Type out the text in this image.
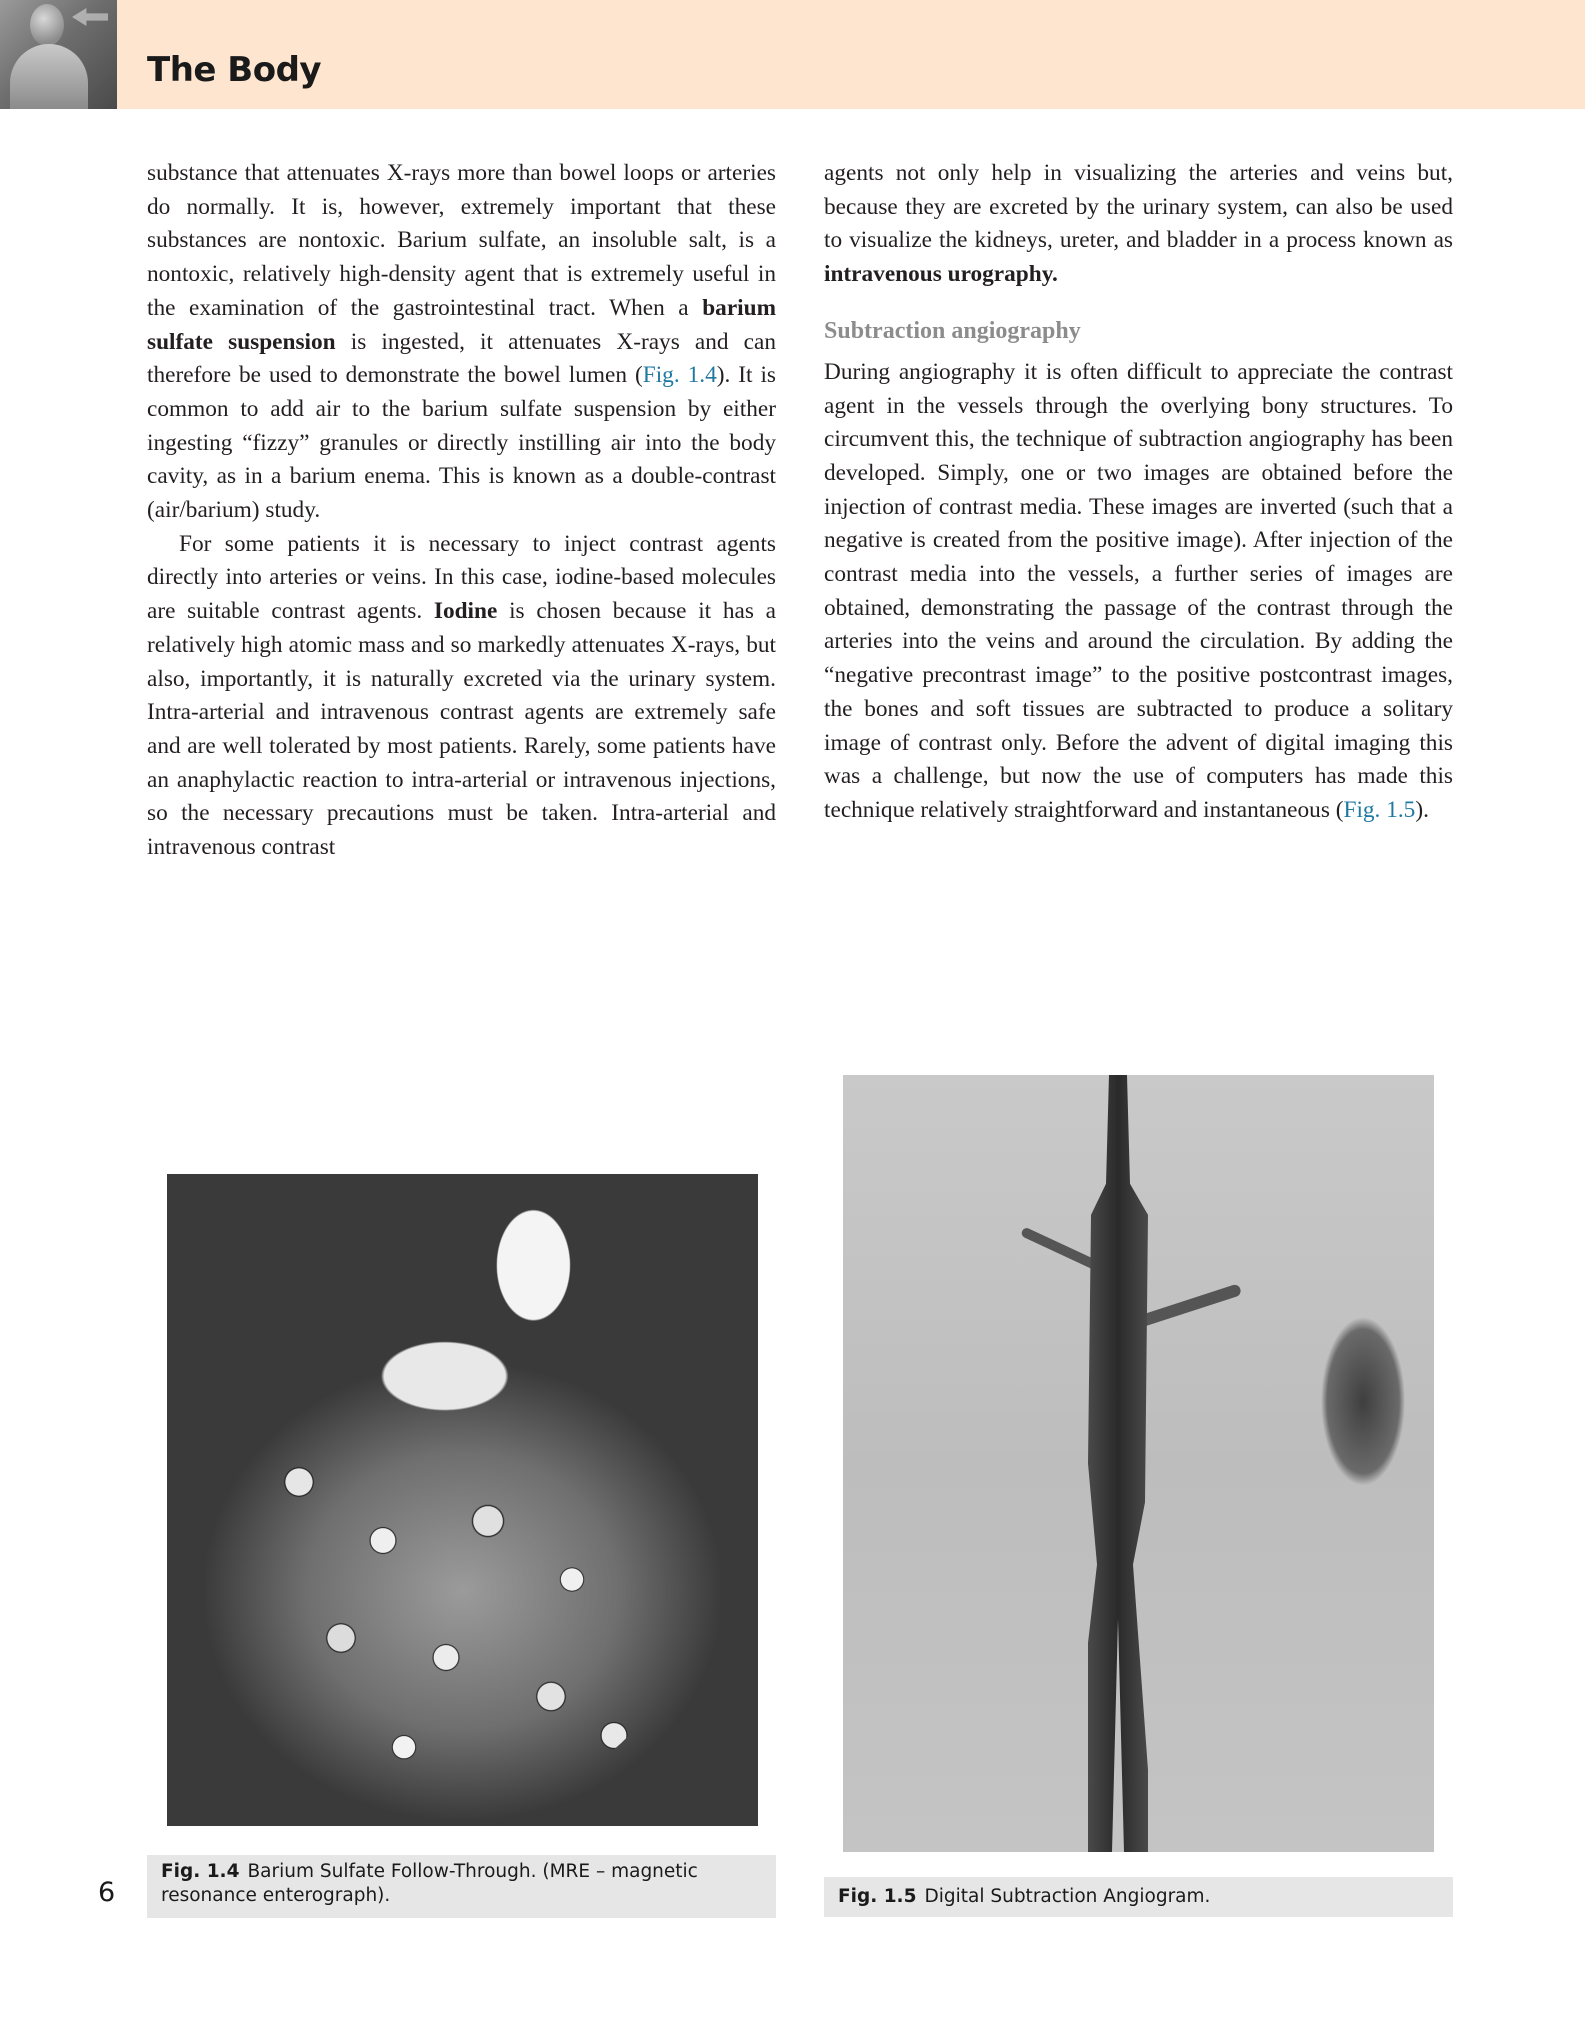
The Body

substance that attenuates X-rays more than bowel loops or arteries do normally. It is, however, extremely important that these substances are nontoxic. Barium sulfate, an insoluble salt, is a nontoxic, relatively high-density agent that is extremely useful in the examination of the gastrointestinal tract. When a barium sulfate suspension is ingested, it attenuates X-rays and can therefore be used to demonstrate the bowel lumen (Fig. 1.4). It is common to add air to the barium sulfate suspension by either ingesting “fizzy” granules or directly instilling air into the body cavity, as in a barium enema. This is known as a double-contrast (air/barium) study.

For some patients it is necessary to inject contrast agents directly into arteries or veins. In this case, iodine-based molecules are suitable contrast agents. Iodine is chosen because it has a relatively high atomic mass and so markedly attenuates X-rays, but also, importantly, it is naturally excreted via the urinary system. Intra-arterial and intravenous contrast agents are extremely safe and are well tolerated by most patients. Rarely, some patients have an anaphylactic reaction to intra-arterial or intravenous injections, so the necessary precautions must be taken. Intra-arterial and intravenous contrast

agents not only help in visualizing the arteries and veins but, because they are excreted by the urinary system, can also be used to visualize the kidneys, ureter, and bladder in a process known as intravenous urography.

Subtraction angiography

During angiography it is often difficult to appreciate the contrast agent in the vessels through the overlying bony structures. To circumvent this, the technique of subtraction angiography has been developed. Simply, one or two images are obtained before the injection of contrast media. These images are inverted (such that a negative is created from the positive image). After injection of the contrast media into the vessels, a further series of images are obtained, demonstrating the passage of the contrast through the arteries into the veins and around the circulation. By adding the “negative precontrast image” to the positive postcontrast images, the bones and soft tissues are subtracted to produce a solitary image of contrast only. Before the advent of digital imaging this was a challenge, but now the use of computers has made this technique relatively straightforward and instantaneous (Fig. 1.5).

Fig. 1.4 Barium Sulfate Follow-Through. (MRE – magnetic resonance enterograph).	Fig. 1.5 Digital Subtraction Angiogram.
6
